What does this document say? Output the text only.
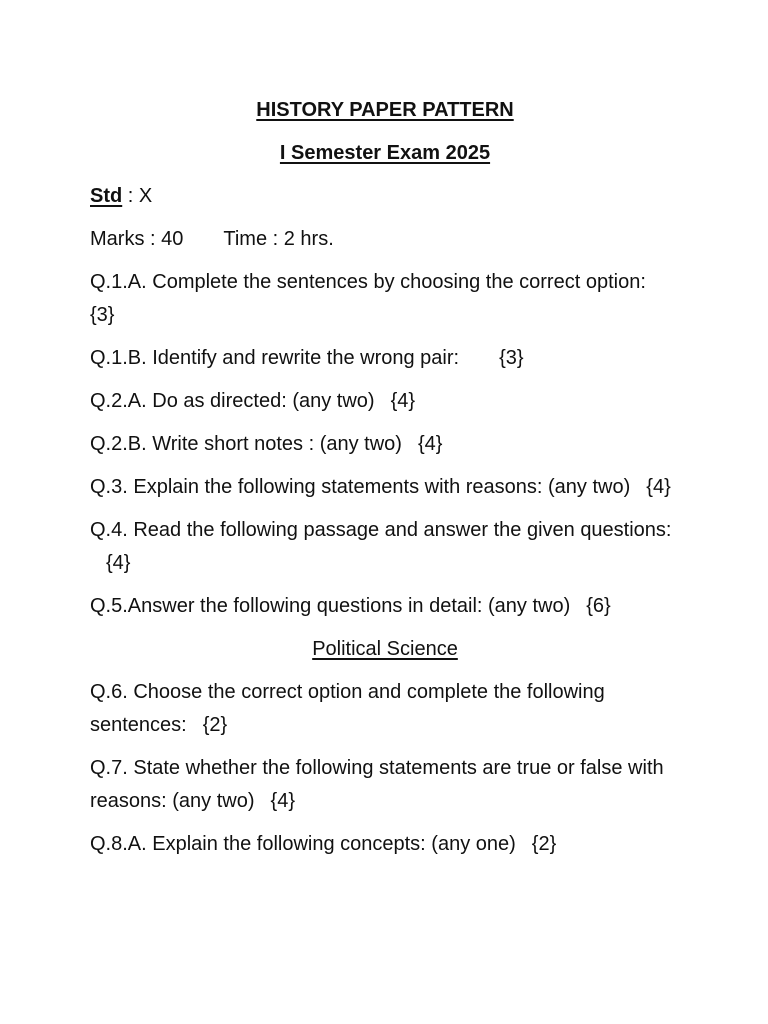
HISTORY PAPER PATTERN
I Semester Exam 2025
Std : X
Marks : 40 Time : 2 hrs.
Q.1.A. Complete the sentences by choosing the correct option:{3}
Q.1.B. Identify and rewrite the wrong pair: {3}
Q.2.A. Do as directed: (any two) {4}
Q.2.B. Write short notes : (any two) {4}
Q.3. Explain the following statements with reasons: (any two) {4}
Q.4. Read the following passage and answer the given questions:{4}
Q.5.Answer the following questions in detail: (any two) {6}
Political Science
Q.6. Choose the correct option and complete the following sentences: {2}
Q.7. State whether the following statements are true or false with reasons: (any two) {4}
Q.8.A. Explain the following concepts: (any one) {2}
